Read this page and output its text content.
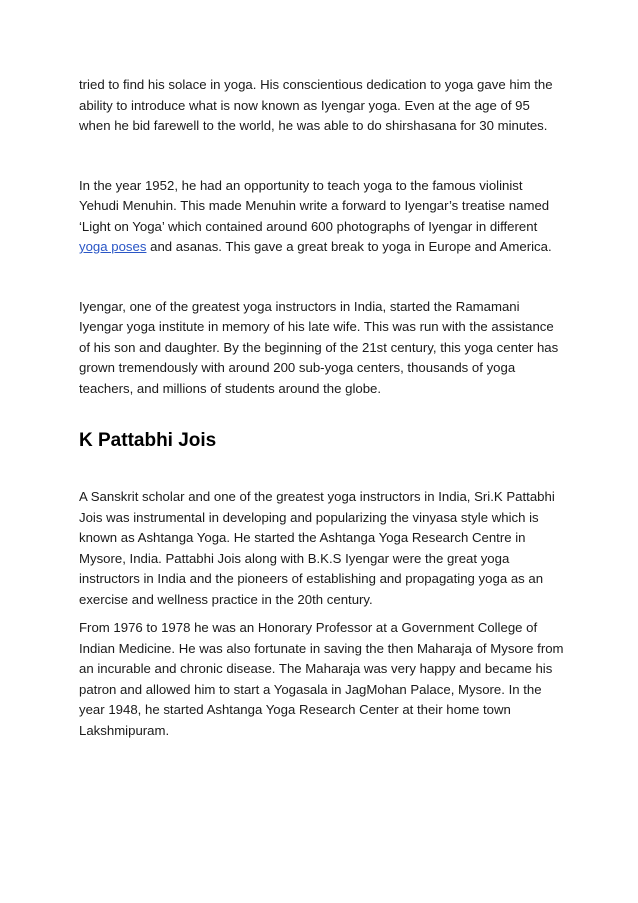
tried to find his solace in yoga. His conscientious dedication to yoga gave him the ability to introduce what is now known as Iyengar yoga. Even at the age of 95 when he bid farewell to the world, he was able to do shirshasana for 30 minutes.

In the year 1952, he had an opportunity to teach yoga to the famous violinist Yehudi Menuhin. This made Menuhin write a forward to Iyengar’s treatise named ‘Light on Yoga’ which contained around 600 photographs of Iyengar in different yoga poses and asanas. This gave a great break to yoga in Europe and America.

Iyengar, one of the greatest yoga instructors in India, started the Ramamani Iyengar yoga institute in memory of his late wife. This was run with the assistance of his son and daughter. By the beginning of the 21st century, this yoga center has grown tremendously with around 200 sub-yoga centers, thousands of yoga teachers, and millions of students around the globe.

K Pattabhi Jois

A Sanskrit scholar and one of the greatest yoga instructors in India, Sri.K Pattabhi Jois was instrumental in developing and popularizing the vinyasa style which is known as Ashtanga Yoga. He started the Ashtanga Yoga Research Centre in Mysore, India. Pattabhi Jois along with B.K.S Iyengar were the great yoga instructors in India and the pioneers of establishing and propagating yoga as an exercise and wellness practice in the 20th century.

From 1976 to 1978 he was an Honorary Professor at a Government College of Indian Medicine. He was also fortunate in saving the then Maharaja of Mysore from an incurable and chronic disease. The Maharaja was very happy and became his patron and allowed him to start a Yogasala in JagMohan Palace, Mysore. In the year 1948, he started Ashtanga Yoga Research Center at their home town Lakshmipuram.
